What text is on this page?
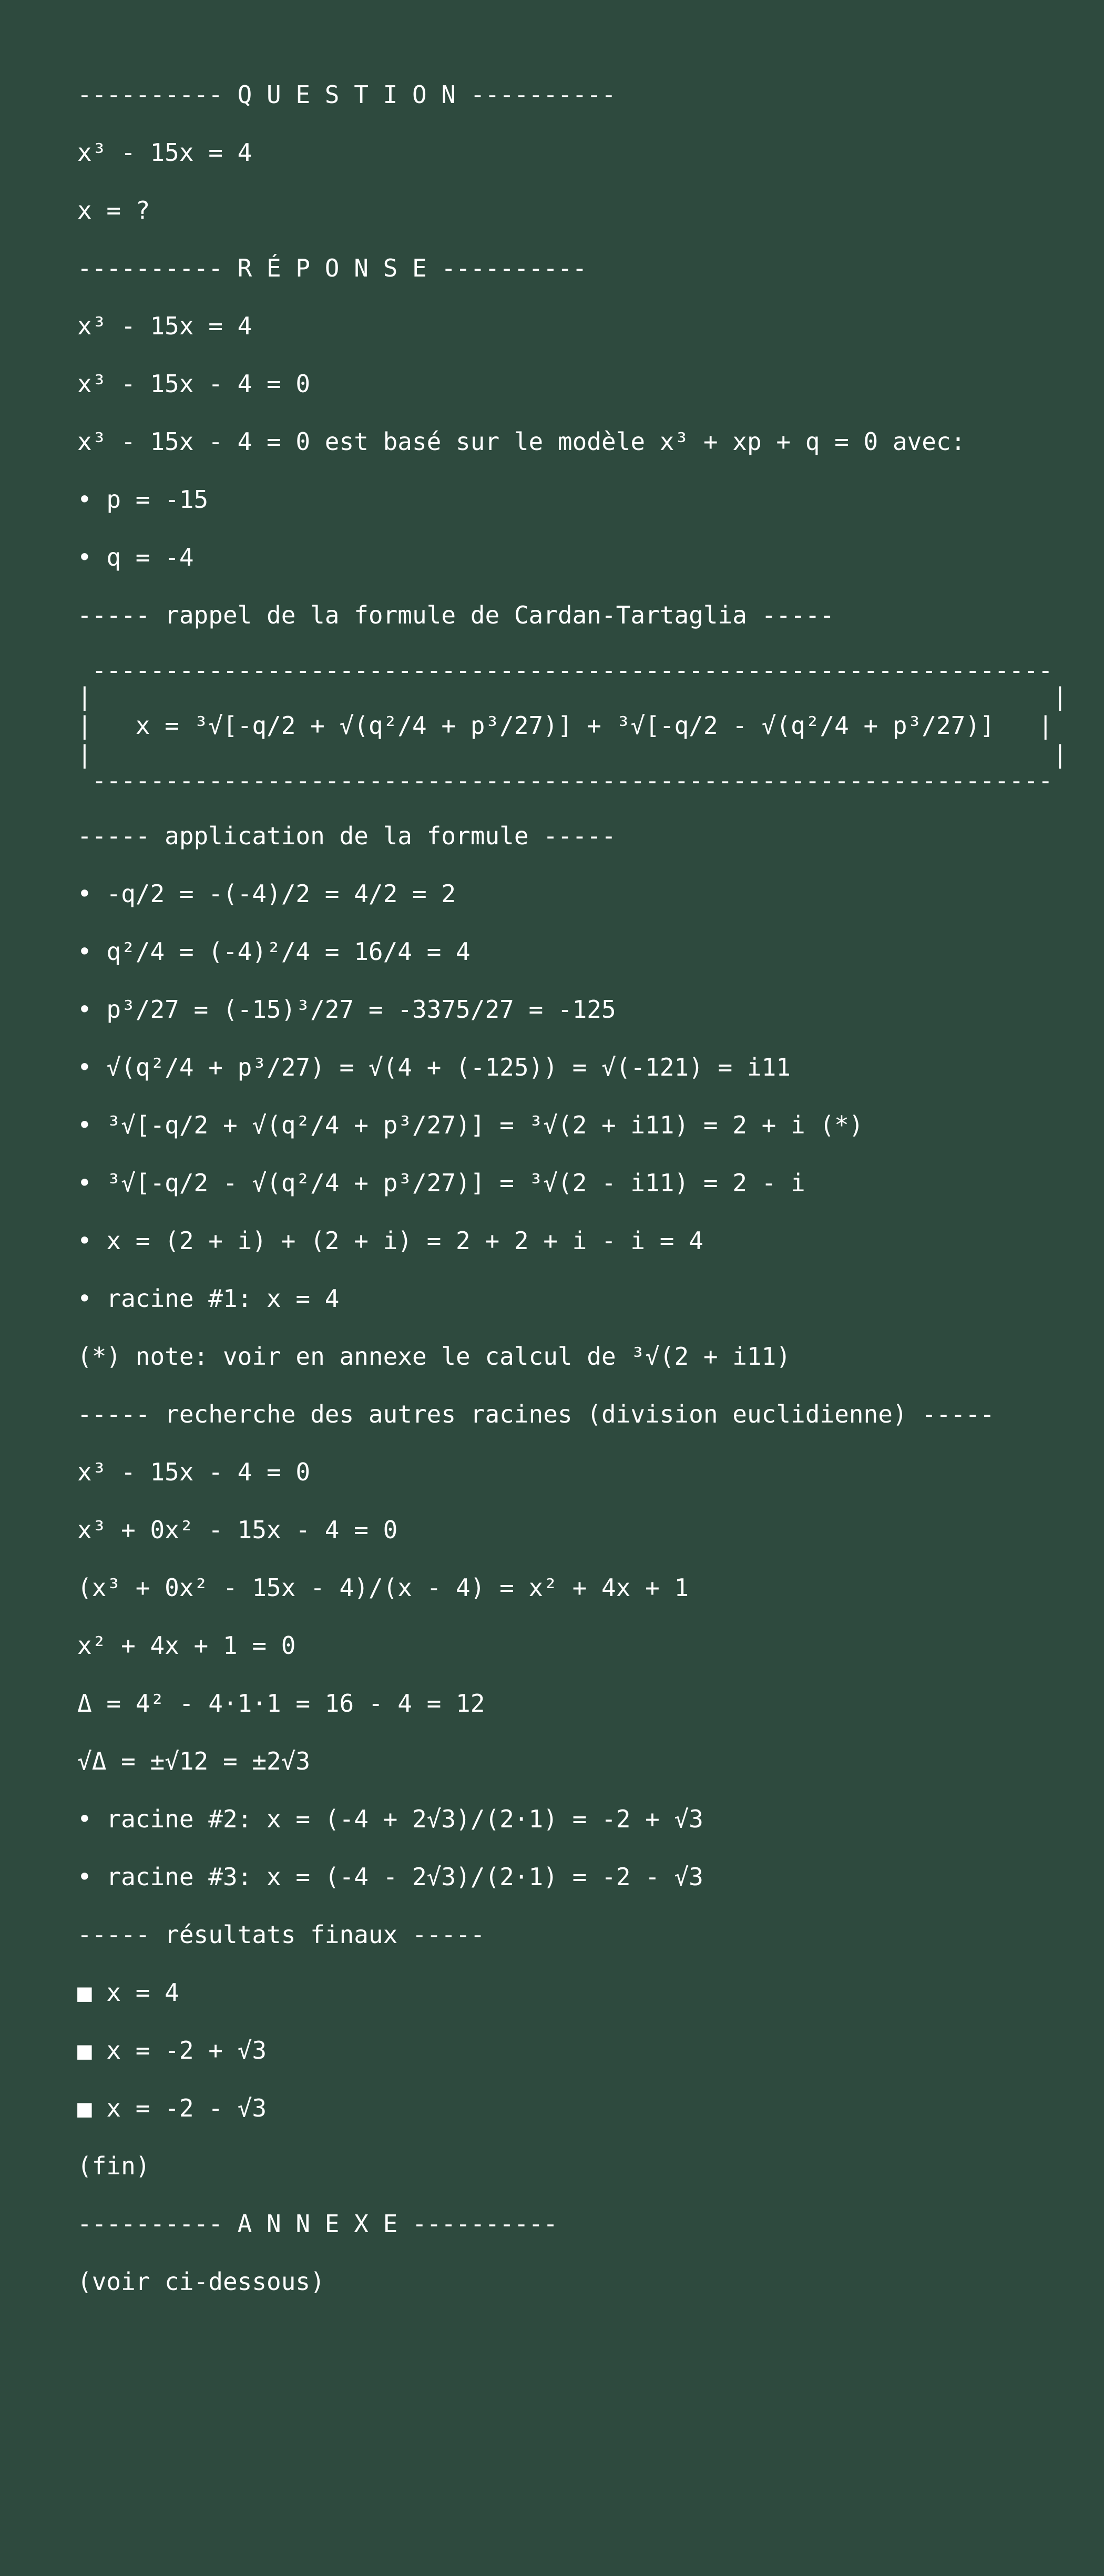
---------- Q U E S T I O N ----------
x³ - 15x = 4
x = ?
---------- R É P O N S E ----------
x³ - 15x = 4
x³ - 15x - 4 = 0
x³ - 15x - 4 = 0 est basé sur le modèle x³ + xp + q = 0 avec:
• p = -15
• q = -4
----- rappel de la formule de Cardan-Tartaglia -----
------------------------------------------------------------------
|                                                                  |
|   x = ³√[-q/2 + √(q²/4 + p³/27)] + ³√[-q/2 - √(q²/4 + p³/27)]   |
|                                                                  |
------------------------------------------------------------------
----- application de la formule -----
• -q/2 = -(-4)/2 = 4/2 = 2
• q²/4 = (-4)²/4 = 16/4 = 4
• p³/27 = (-15)³/27 = -3375/27 = -125
• √(q²/4 + p³/27) = √(4 + (-125)) = √(-121) = i11
• ³√[-q/2 + √(q²/4 + p³/27)] = ³√(2 + i11) = 2 + i (*)
• ³√[-q/2 - √(q²/4 + p³/27)] = ³√(2 - i11) = 2 - i
• x = (2 + i) + (2 + i) = 2 + 2 + i - i = 4
• racine #1: x = 4
(*) note: voir en annexe le calcul de ³√(2 + i11)
----- recherche des autres racines (division euclidienne) -----
x³ - 15x - 4 = 0
x³ + 0x² - 15x - 4 = 0
(x³ + 0x² - 15x - 4)/(x - 4) = x² + 4x + 1
x² + 4x + 1 = 0
Δ = 4² - 4·1·1 = 16 - 4 = 12
√Δ = ±√12 = ±2√3
• racine #2: x = (-4 + 2√3)/(2·1) = -2 + √3
• racine #3: x = (-4 - 2√3)/(2·1) = -2 - √3
----- résultats finaux -----
■ x = 4
■ x = -2 + √3
■ x = -2 - √3
(fin)
---------- A N N E X E ----------
(voir ci-dessous)
